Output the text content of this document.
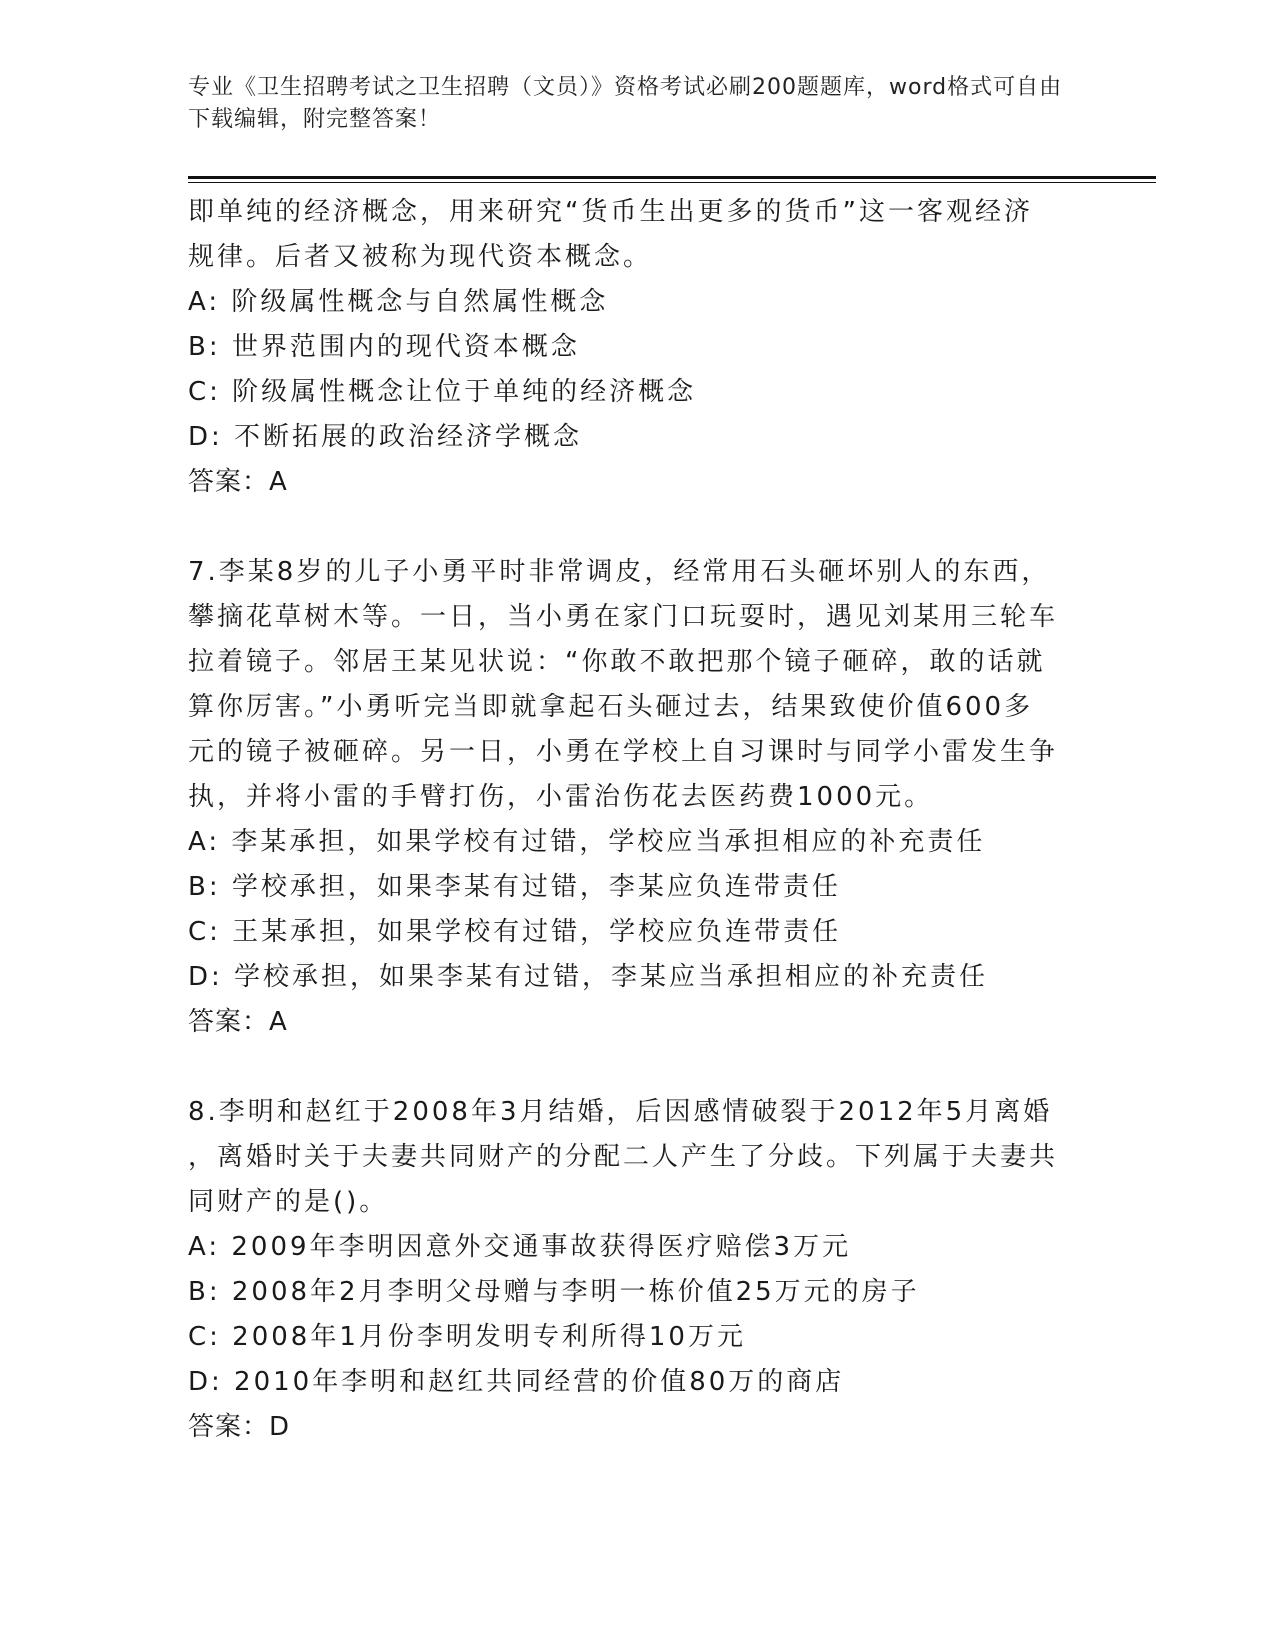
专业《卫生招聘考试之卫生招聘（文员）》资格考试必刷200题题库，word格式可自由下载编辑，附完整答案！

即单纯的经济概念，用来研究“货币生出更多的货币”这一客观经济

规律。后者又被称为现代资本概念。

A: 阶级属性概念与自然属性概念

B: 世界范围内的现代资本概念

C: 阶级属性概念让位于单纯的经济概念

D: 不断拓展的政治经济学概念

答案：A

7.李某8岁的儿子小勇平时非常调皮，经常用石头砸坏别人的东西，

攀摘花草树木等。一日，当小勇在家门口玩耍时，遇见刘某用三轮车

拉着镜子。邻居王某见状说：“你敢不敢把那个镜子砸碎，敢的话就

算你厉害。”小勇听完当即就拿起石头砸过去，结果致使价值600多

元的镜子被砸碎。另一日，小勇在学校上自习课时与同学小雷发生争

执，并将小雷的手臂打伤，小雷治伤花去医药费1000元。

A: 李某承担，如果学校有过错，学校应当承担相应的补充责任

B: 学校承担，如果李某有过错，李某应负连带责任

C: 王某承担，如果学校有过错，学校应负连带责任

D: 学校承担，如果李某有过错，李某应当承担相应的补充责任

答案：A

8.李明和赵红于2008年3月结婚，后因感情破裂于2012年5月离婚

，离婚时关于夫妻共同财产的分配二人产生了分歧。下列属于夫妻共

同财产的是()。

A: 2009年李明因意外交通事故获得医疗赔偿3万元

B: 2008年2月李明父母赠与李明一栋价值25万元的房子

C: 2008年1月份李明发明专利所得10万元

D: 2010年李明和赵红共同经营的价值80万的商店

答案：D
